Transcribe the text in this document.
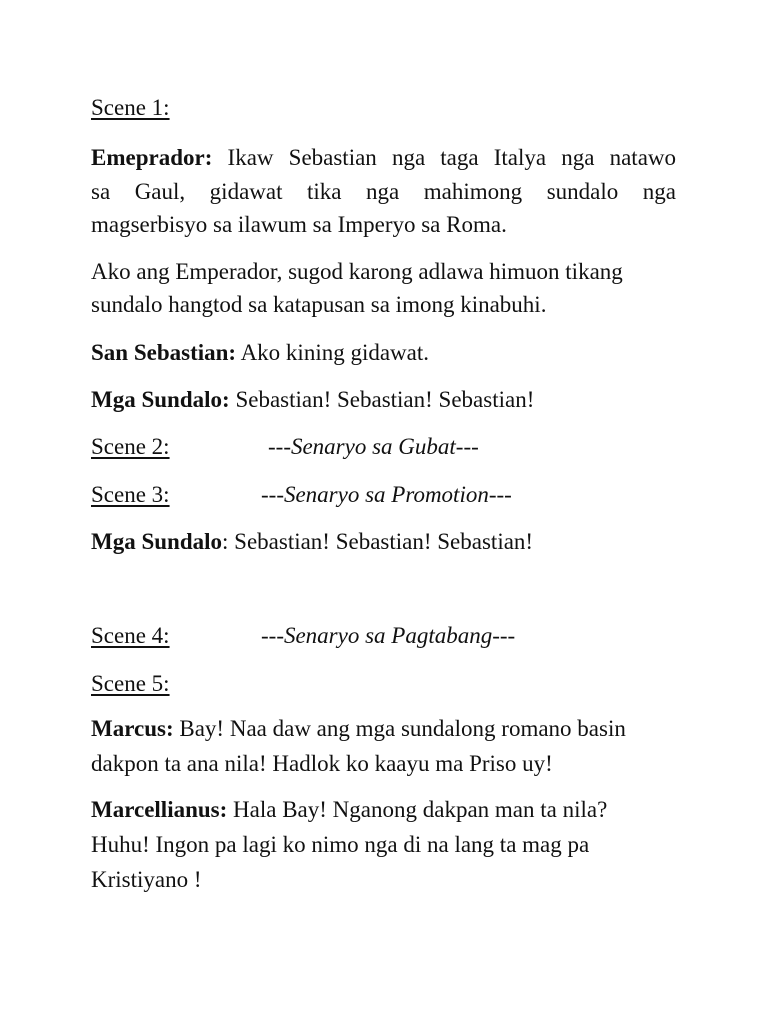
Scene 1:
Emeprador: Ikaw Sebastian nga taga Italya nga natawo
sa Gaul, gidawat tika nga mahimong sundalo nga
magserbisyo sa ilawum sa Imperyo sa Roma.
Ako ang Emperador, sugod karong adlawa himuon tikang
sundalo hangtod sa katapusan sa imong kinabuhi.
San Sebastian: Ako kining gidawat.
Mga Sundalo: Sebastian! Sebastian! Sebastian!
Scene 2:	---Senaryo sa Gubat---
Scene 3:	---Senaryo sa Promotion---
Mga Sundalo: Sebastian! Sebastian! Sebastian!
Scene 4:	---Senaryo sa Pagtabang---
Scene 5:
Marcus: Bay! Naa daw ang mga sundalong romano basin
dakpon ta ana nila! Hadlok ko kaayu ma Priso uy!
Marcellianus: Hala Bay! Nganong dakpan man ta nila?
Huhu! Ingon pa lagi ko nimo nga di na lang ta mag pa
Kristiyano !
